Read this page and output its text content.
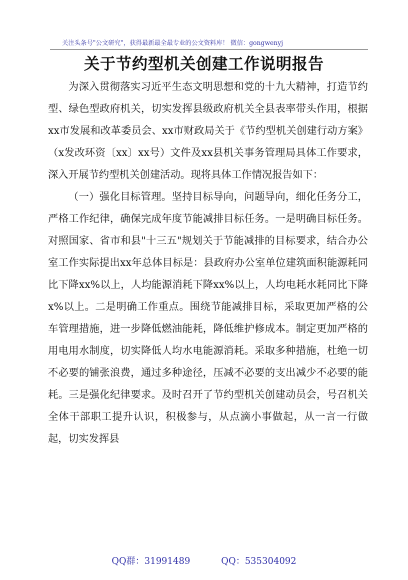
关注头条号"公文研究"，获得最新最全最专业的公文资料库！ 微信：gongwenyj
关于节约型机关创建工作说明报告

为深入贯彻落实习近平生态文明思想和党的十九大精神，打造节约型、绿色型政府机关，切实发挥县级政府机关全县表率带头作用，根据xx市发展和改革委员会、xx市财政局关于《节约型机关创建行动方案》（x发改环资〔xx〕xx号）文件及xx县机关事务管理局具体工作要求，深入开展节约型机关创建活动。现将具体工作情况报告如下：

（一）强化目标管理。坚持目标导向，问题导向，细化任务分工，严格工作纪律，确保完成年度节能减排目标任务。一是明确目标任务。对照国家、省市和县"十三五"规划关于节能减排的目标要求，结合办公室工作实际提出xx年总体目标是：县政府办公室单位建筑面积能源耗同比下降xx%以上，人均能源消耗下降xx%以上，人均电耗水耗同比下降x%以上。二是明确工作重点。围绕节能减排目标，采取更加严格的公车管理措施，进一步降低燃油能耗，降低维护修成本。制定更加严格的用电用水制度，切实降低人均水电能源消耗。采取多种措施，杜绝一切不必要的铺张浪费，通过多种途径，压减不必要的支出减少不必要的能耗。三是强化纪律要求。及时召开了节约型机关创建动员会，号召机关全体干部职工提升认识，积极参与，从点滴小事做起，从一言一行做起，切实发挥县

QQ群：31991489	QQ：535304092
